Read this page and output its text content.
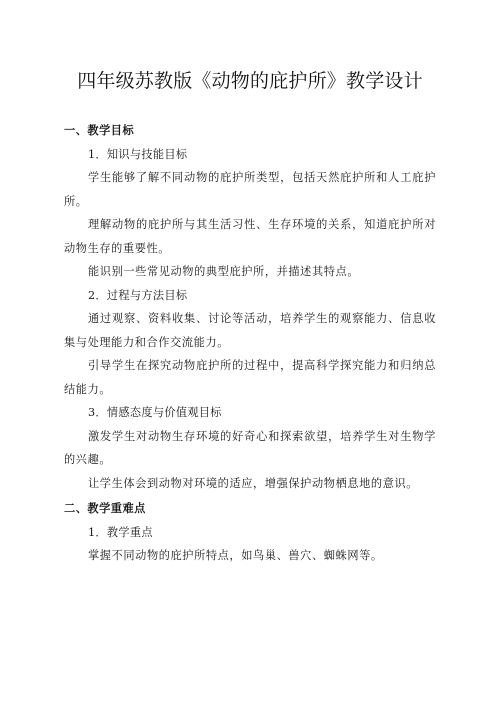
四年级苏教版《动物的庇护所》教学设计

一、教学目标

1．知识与技能目标

学生能够了解不同动物的庇护所类型，包括天然庇护所和人工庇护所。

理解动物的庇护所与其生活习性、生存环境的关系，知道庇护所对动物生存的重要性。

能识别一些常见动物的典型庇护所，并描述其特点。

2．过程与方法目标

通过观察、资料收集、讨论等活动，培养学生的观察能力、信息收集与处理能力和合作交流能力。

引导学生在探究动物庇护所的过程中，提高科学探究能力和归纳总结能力。

3．情感态度与价值观目标

激发学生对动物生存环境的好奇心和探索欲望，培养学生对生物学的兴趣。

让学生体会到动物对环境的适应，增强保护动物栖息地的意识。

二、教学重难点

1．教学重点

掌握不同动物的庇护所特点，如鸟巢、兽穴、蜘蛛网等。
